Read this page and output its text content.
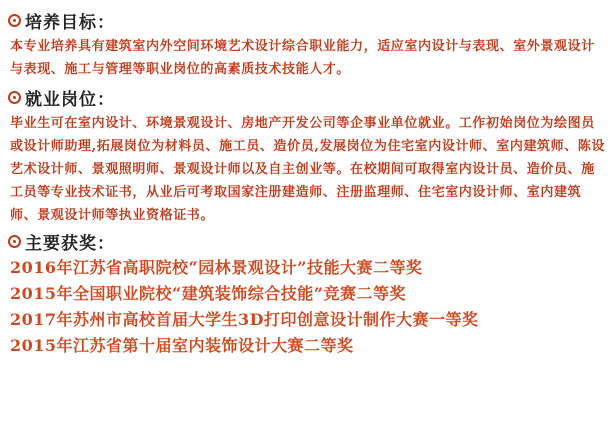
培养目标：

本专业培养具有建筑室内外空间环境艺术设计综合职业能力，适应室内设计与表现、室外景观设计与表现、施工与管理等职业岗位的高素质技术技能人才。

就业岗位：

毕业生可在室内设计、环境景观设计、房地产开发公司等企事业单位就业。工作初始岗位为绘图员或设计师助理,拓展岗位为材料员、施工员、造价员,发展岗位为住宅室内设计师、室内建筑师、陈设艺术设计师、景观照明师、景观设计师以及自主创业等。在校期间可取得室内设计员、造价员、施工员等专业技术证书，从业后可考取国家注册建造师、注册监理师、住宅室内设计师、室内建筑师、景观设计师等执业资格证书。

主要获奖：
2016年江苏省高职院校“园林景观设计”技能大赛二等奖
2015年全国职业院校“建筑装饰综合技能”竞赛二等奖
2017年苏州市高校首届大学生3D打印创意设计制作大赛一等奖
2015年江苏省第十届室内装饰设计大赛二等奖
